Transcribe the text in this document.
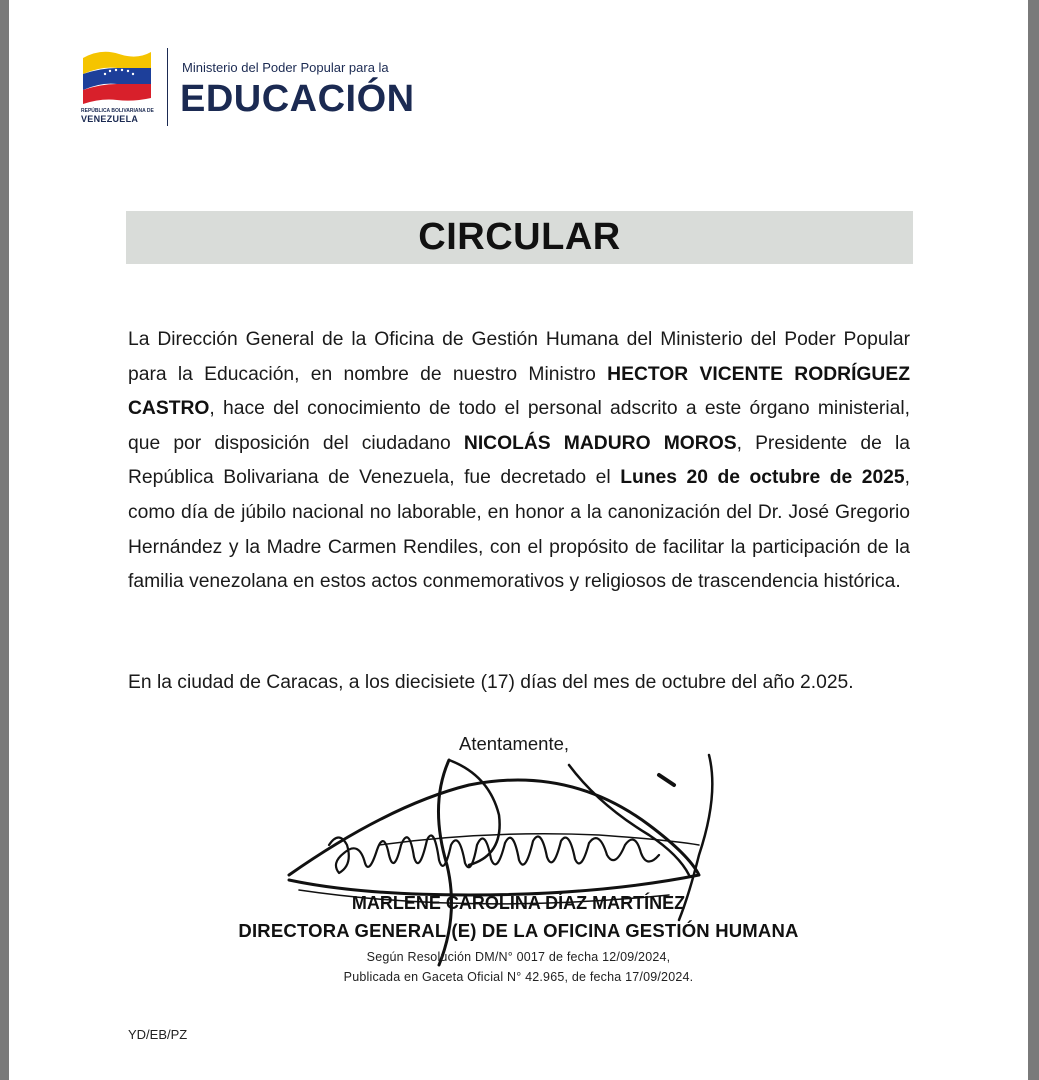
REPÚBLICA BOLIVARIANA DE
VENEZUELA
Ministerio del Poder Popular para la
EDUCACIÓN
CIRCULAR
La Dirección General de la Oficina de Gestión Humana del Ministerio del Poder Popular para la Educación, en nombre de nuestro Ministro HECTOR VICENTE RODRÍGUEZ CASTRO, hace del conocimiento de todo el personal adscrito a este órgano ministerial, que por disposición del ciudadano NICOLÁS MADURO MOROS, Presidente de la República Bolivariana de Venezuela, fue decretado el Lunes 20 de octubre de 2025, como día de júbilo nacional no laborable, en honor a la canonización del Dr. José Gregorio Hernández y la Madre Carmen Rendiles, con el propósito de facilitar la participación de la familia venezolana en estos actos conmemorativos y religiosos de trascendencia histórica.
En la ciudad de Caracas, a los diecisiete (17) días del mes de octubre del año 2.025.
Atentamente,
MARLENE CAROLINA DÍAZ MARTÍNEZ
DIRECTORA GENERAL (E) DE LA OFICINA GESTIÓN HUMANA
Según Resolución DM/N° 0017 de fecha 12/09/2024,
Publicada en Gaceta Oficial N° 42.965, de fecha 17/09/2024.
YD/EB/PZ
